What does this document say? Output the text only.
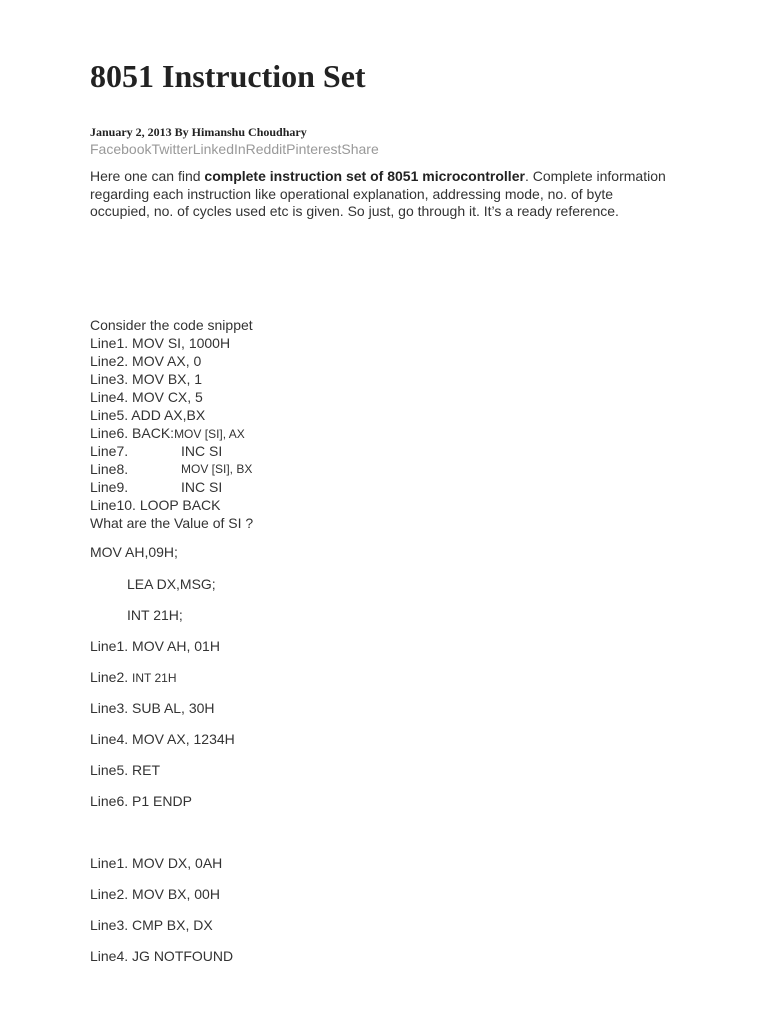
8051 Instruction Set
January 2, 2013 By Himanshu Choudhary
FacebookTwitterLinkedInRedditPinterestShare

Here one can find complete instruction set of 8051 microcontroller. Complete information regarding each instruction like operational explanation, addressing mode, no. of byte occupied, no. of cycles used etc is given. So just, go through it. It’s a ready reference.

Consider the code snippet
Line1. MOV SI, 1000H
Line2. MOV AX, 0
Line3. MOV BX, 1
Line4. MOV CX, 5
Line5. ADD AX,BX
Line6. BACK:MOV [SI], AX
Line7.	INC SI
Line8.	MOV [SI], BX
Line9.	INC SI
Line10. LOOP BACK
What are the Value of SI ?
MOV AH,09H;
LEA DX,MSG;
INT 21H;
Line1. MOV AH, 01H
Line2. INT 21H
Line3. SUB AL, 30H
Line4. MOV AX, 1234H
Line5. RET
Line6. P1 ENDP
Line1. MOV DX, 0AH
Line2. MOV BX, 00H
Line3. CMP BX, DX
Line4. JG NOTFOUND
